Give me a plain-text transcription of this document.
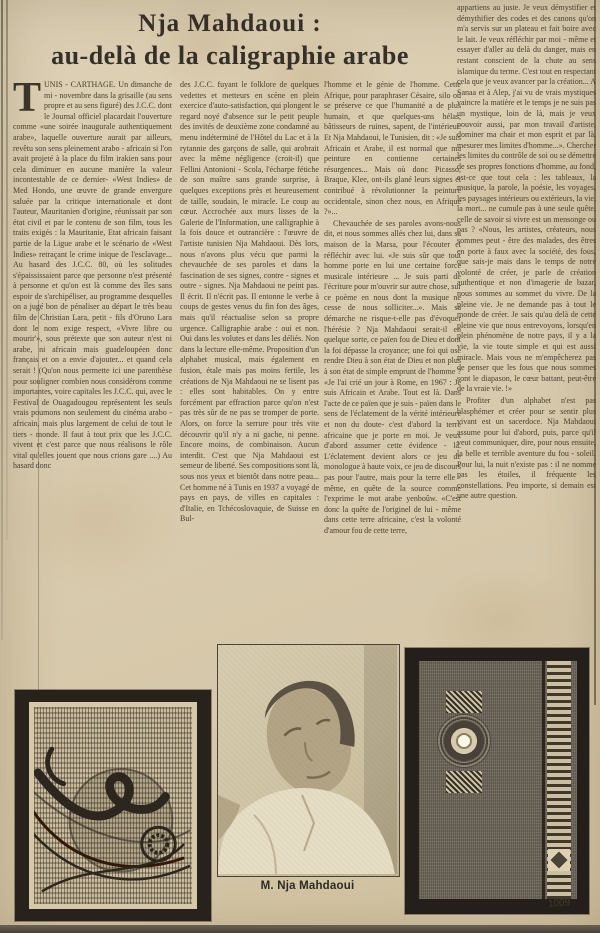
Nja Mahdaoui :
au-delà de la caligraphie arabe

TUNIS - CARTHAGE. Un dimanche de mi - novembre dans la grisaille (au sens propre et au sens figuré) des J.C.C. dont le Journal officiel placardait l'ouverture comme «une soirée inaugurale authentiquement arabe», laquelle ouverture aurait par ailleurs, revêtu son sens pleinement arabo - africain si l'on avait projeté à la place du film irakien sans pour cela diminuer en aucune manière la valeur incontestable de ce dernier- «West Indies» de Med Hondo, une œuvre de grande envergure saluée par la critique internationale et dont l'auteur, Mauritanien d'origine, réunissait par son état civil et par le contenu de son film, tous les traits exigés : la Mauritanie, Etat africain faisant partie de la Ligue arabe et le scénario de «West Indies» retraçant le crime inique de l'esclavage... Au hasard des J.C.C. 80, où les solitudes s'épaississaient parce que personne n'est présenté à personne et qu'on est là comme des îles sans espoir de s'archipéliser, au programme desquelles on a jugé bon de pénaliser au départ le très beau film de Christian Lara, petit - fils d'Oruno Lara dont le nom exige respect, «Vivre libre ou mourir'», sous prétexte que son auteur n'est ni arabe, ni africain mais guadeloupéen donc français et on a envie d'ajouter... et quand cela serait ! (Qu'on nous permette ici une parenthèse pour souligner combien nous considérons comme importantes, voire capitales les J.C.C. qui, avec le Festival de Ouagadougou représentent les seuls vrais poumons non seulement du cinéma arabo - africain, mais plus largement de celui de tout le tiers - monde. Il faut à tout prix que les J.C.C. vivent et c'est parce que nous réalisons le rôle vital qu'elles jouent que nous crions gare ....) Au hasard donc

des J.C.C. fuyant le folklore de quelques vedettes et metteurs en scène en plein exercice d'auto-satisfaction, qui plongent le regard noyé d'absence sur le petit peuple des invités de deuxième zone condamné au menu indéterminé de l'Hôtel du Lac et à la rytannie des garçons de salle, qui arobrait avec la même négligence (croit-il) que Fellini Antonioni - Scola, l'écharpe fétiche de son maître sans grande surprise, à quelques exceptions près et heureusement de taille, soudain, le miracle. Le coup au cœur. Accrochée aux murs lisses de la Galerie de l'Information, une calligraphie à la fois douce et outrancière : l'œuvre de l'artiste tunisien Nja Mahdaoui. Dès lors, nous n'avons plus vécu que parmi la chevauchée de ses paroles et dans la fascination de ses signes, contre - signes et outre - signes. Nja Mahdaoui ne peint pas. Il écrit. Il n'écrit pas. Il entonne le verbe à coups de gestes venus du fin fon des âges, mais qu'il réactualise selon sa propre urgence. Calligraphie arabe : oui et non. Oui dans les volutes et dans les déliés. Non dans la lecture elle-même. Proposition d'un alphabet musical, mais également en fusion, étale mais pas moins fertile, les créations de Nja Mahdaoui ne se lisent pas : elles sont habitables. On y entre forcément par effraction parce qu'on n'est pas très sûr de ne pas se tromper de porte. Alors, on force la serrure pour très vite découvrir qu'il n'y a ni gache, ni penne. Encore moins, de combinaison. Aucun interdit. C'est que Nja Mahdaoui est semeur de liberté. Ses compositions sont là, sous nos yeux et bientôt dans notre peau... Cet homme né à Tunis en 1937 a voyagé de pays en pays, de villes en capitales : d'Italie, en Tchécoslovaquie, de Suisse en Bul-

l'homme et le génie de l'homme. Cette Afrique, pour paraphraser Césaire, silo où se préserve ce que l'humanité a de plus humain, et que quelques-uns hélas, bâtisseurs de ruines, sapent, de l'intérieur. Et Nja Mahdaoui, le Tunisien, dit : «Je suis Africain et Arabe, il est normal que ma peinture en contienne certaines résurgences... Mais où donc Picasso, Braque, Klee, ont-ils glané leurs signes et contribué à révolutionner la peinture occidentale, sinon chez nous, en Afrique ?»...

Chevauchée de ses paroles avons-nous dit, et nous sommes allés chez lui, dans sa maison de la Marsa, pour l'écouter et réfléchir avec lui. «Je suis sûr que tout homme porte en lui une certaine force musicale intérieure ... Je suis parti de l'écriture pour m'ouvrir sur autre chose, sur ce poème en nous dont la musique ne cesse de nous solliciter...». Mais sa démarche ne risque-t-elle pas d'évoquer l'hérésie ? Nja Mahdaoui serait-il en quelque sorte, ce païen fou de Dieu et dont la foi dépasse la croyance; une foi qui ose rendre Dieu à son état de Dieu et non plus à son état de simple emprunt de l'homme ? «Je l'ai crié un jour à Rome, en 1967 : Je suis Africain et Arabe. Tout est là. Dans l'acte de ce païen que je suis - païen dans le sens de l'éclatement de la vérité intérieure et non du doute- c'est d'abord la terre africaine que je porte en moi. Je veux d'abord assumer cette évidence - là. L'éclatement devient alors ce jeu de monologue à haute voix, ce jeu de discours pas pour l'autre, mais pour la terre elle - même, en quête de la source comme l'exprime le mot arabe yenboûw. «C'est donc la quête de l'originel de lui - même dans cette terre africaine, c'est la volonté d'amour fou de cette terre,

appartiens au juste. Je veux démystifier et démythifier des codes et des canons qu'on m'a servis sur un plateau et fait boire avec le lait. Je veux réfléchir par moi - même et essayer d'aller au delà du danger, mais en restant conscient de la chute au sens islamique du terme. C'est tout en respectant cela que je veux avancer par la création... A Sanaa et à Alep, j'ai vu de vrais mystiques vaincre la matière et le temps je ne suis pas un mystique, loin de là, mais je veux pouvoir aussi, par mon travail d'artiste, dominer ma chair et mon esprit et par là, mesurer mes limites d'homme...». Chercher les limites du contrôle de soi ou se démettre de ses propres fonctions d'homme, au fond, est-ce que tout cela : les tableaux, la musique, la parole, la poésie, les voyages, les paysages intérieurs ou extérieurs, la vie, la mort... ne cumule pas à une seule quête, celle de savoir si vivre est un mensonge ou pas ? «Nous, les artistes, créateurs, nous sommes peut - être des malades, des êtres en porte à faux avec la société, des fous, que sais-je mais dans le temps de notre volonté de créer, je parle de création authentique et non d'imagerie de bazar, nous sommes au sommet du vivre. De la pleine vie. Je ne demande pas à tout le monde de créer. Je sais qu'au delà de cette pleine vie que nous entrevoyons, lorsqu'en plein phénomène de notre pays, il y a la vie, la vie toute simple et qui est aussi miracle. Mais vous ne m'empêcherez pas de penser que les fous que nous sommes sont le diapason, le cœur battant, peut-être de la vraie vie. !»

Profiter d'un alphabet n'est pas blasphémer et créer pour se sentir plus vivant est un sacerdoce. Nja Mahdaoui assume pour lui d'abord, puis, parce qu'il veut communiquer, dire, pour nous ensuite, la belle et terrible aventure du fou - soleil. Pour lui, la nuit n'existe pas : il ne nomme pas les étoiles, il fréquente les constellations. Peu importe, si demain est une autre question.

M. Nja Mahdaoui
1009
